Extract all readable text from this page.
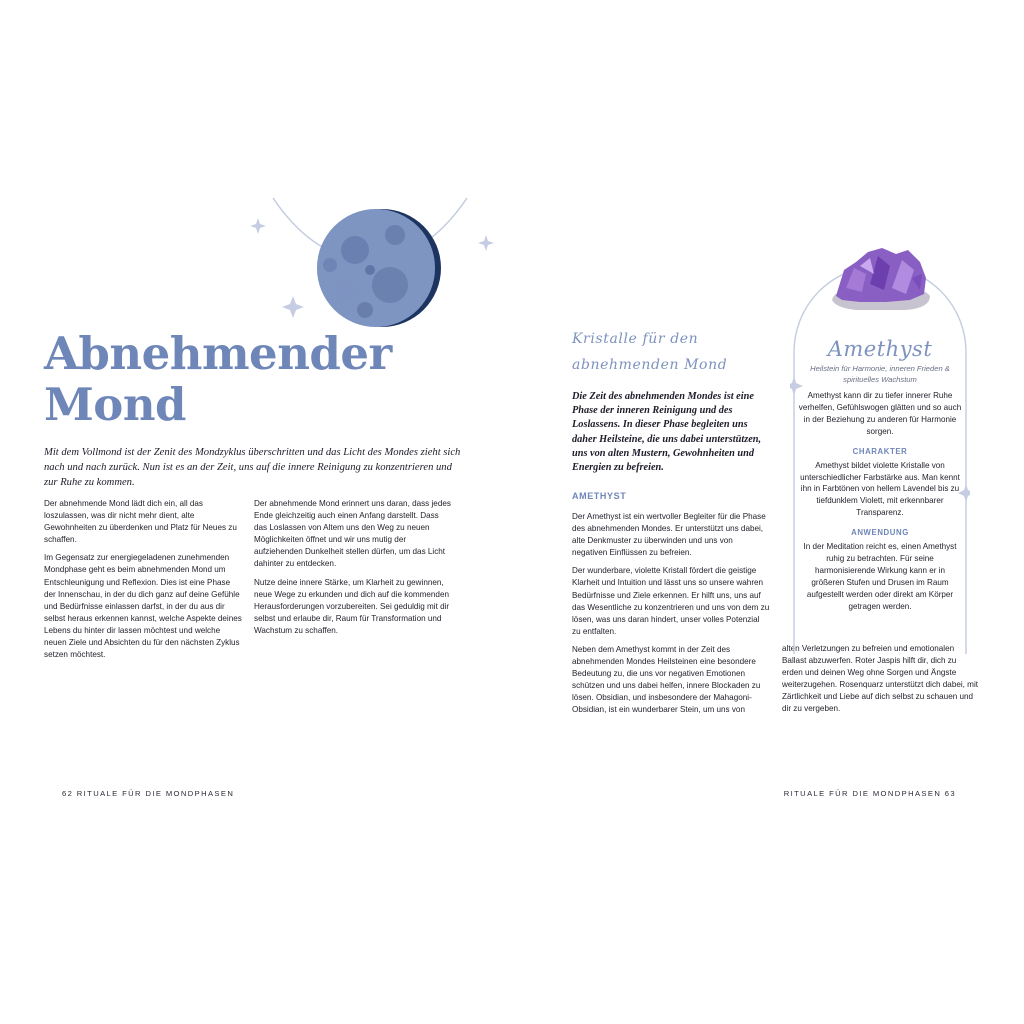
Abnehmender Mond

Mit dem Vollmond ist der Zenit des Mondzyklus überschritten und das Licht des Mondes zieht sich nach und nach zurück. Nun ist es an der Zeit, uns auf die innere Reinigung zu konzentrieren und zur Ruhe zu kommen.

Der abnehmende Mond lädt dich ein, all das loszulassen, was dir nicht mehr dient, alte Gewohnheiten zu überdenken und Platz für Neues zu schaffen.

Im Gegensatz zur energiegeladenen zunehmenden Mondphase geht es beim abnehmenden Mond um Entschleunigung und Reflexion. Dies ist eine Phase der Innenschau, in der du dich ganz auf deine Gefühle und Bedürfnisse einlassen darfst, in der du aus dir selbst heraus erkennen kannst, welche Aspekte deines Lebens du hinter dir lassen möchtest und welche neuen Ziele und Absichten du für den nächsten Zyklus setzen möchtest.

Der abnehmende Mond erinnert uns daran, dass jedes Ende gleichzeitig auch einen Anfang darstellt. Dass das Loslassen von Altem uns den Weg zu neuen Möglichkeiten öffnet und wir uns mutig der aufziehenden Dunkelheit stellen dürfen, um das Licht dahinter zu entdecken.

Nutze deine innere Stärke, um Klarheit zu gewinnen, neue Wege zu erkunden und dich auf die kommenden Herausforderungen vorzubereiten. Sei geduldig mit dir selbst und erlaube dir, Raum für Transformation und Wachstum zu schaffen.

62 RITUALE FÜR DIE MONDPHASEN
Kristalle für den
abnehmenden Mond

Die Zeit des abnehmenden Mondes ist eine Phase der inneren Reinigung und des Loslassens. In dieser Phase begleiten uns daher Heilsteine, die uns dabei unterstützen, uns von alten Mustern, Gewohnheiten und Energien zu befreien.

AMETHYST

Der Amethyst ist ein wertvoller Begleiter für die Phase des abnehmenden Mondes. Er unterstützt uns dabei, alte Denkmuster zu überwinden und uns von negativen Einflüssen zu befreien.

Der wunderbare, violette Kristall fördert die geistige Klarheit und Intuition und lässt uns so unsere wahren Bedürfnisse und Ziele erkennen. Er hilft uns, uns auf das Wesentliche zu konzentrieren und uns von dem zu lösen, was uns daran hindert, unser volles Potenzial zu entfalten.

Neben dem Amethyst kommt in der Zeit des abnehmenden Mondes Heilsteinen eine besondere Bedeutung zu, die uns vor negativen Emotionen schützen und uns dabei helfen, innere Blockaden zu lösen. Obsidian, und insbesondere der Mahagoni-Obsidian, ist ein wunderbarer Stein, um uns von

alten Verletzungen zu befreien und emotionalen Ballast abzuwerfen. Roter Jaspis hilft dir, dich zu erden und deinen Weg ohne Sorgen und Ängste weiterzugehen. Rosenquarz unterstützt dich dabei, mit Zärtlichkeit und Liebe auf dich selbst zu schauen und dir zu vergeben.

Amethyst
Heilstein für Harmonie, inneren Frieden & spirituelles Wachstum

Amethyst kann dir zu tiefer innerer Ruhe verhelfen, Gefühlswogen glätten und so auch in der Beziehung zu anderen für Harmonie sorgen.

CHARAKTER

Amethyst bildet violette Kristalle von unterschiedlicher Farbstärke aus. Man kennt ihn in Farbtönen von hellem Lavendel bis zu tiefdunklem Violett, mit erkennbarer Transparenz.

ANWENDUNG

In der Meditation reicht es, einen Amethyst ruhig zu betrachten. Für seine harmonisierende Wirkung kann er in größeren Stufen und Drusen im Raum aufgestellt werden oder direkt am Körper getragen werden.

RITUALE FÜR DIE MONDPHASEN 63
